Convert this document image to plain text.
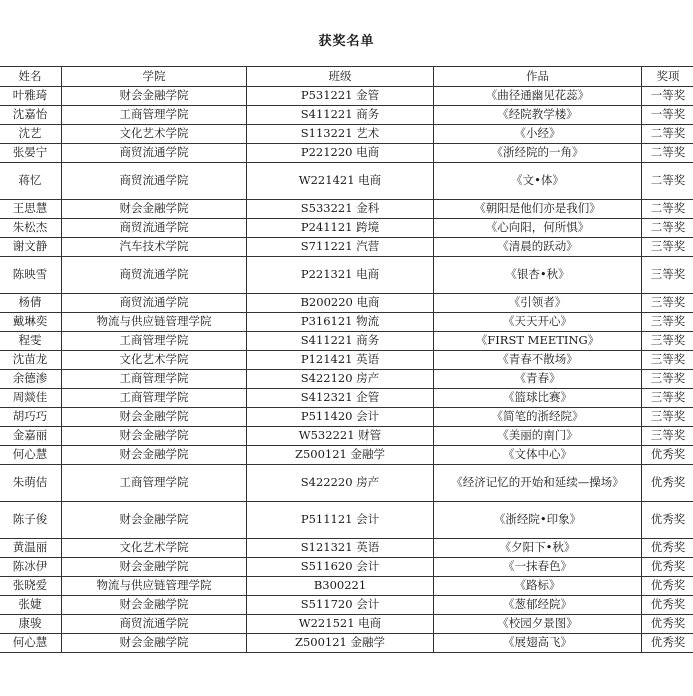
获奖名单
姓名	学院	班级	作品	奖项
叶雅琦	财会金融学院	P531221 金管	《曲径通幽见花蕊》	一等奖
沈嘉怡	工商管理学院	S411221 商务	《经院教学楼》	一等奖
沈艺	文化艺术学院	S113221 艺术	《小经》	二等奖
张晏宁	商贸流通学院	P221220 电商	《浙经院的一角》	二等奖
蒋忆	商贸流通学院	W221421 电商	《文•体》	二等奖
王思慧	财会金融学院	S533221 金科	《朝阳是他们亦是我们》	二等奖
朱松杰	商贸流通学院	P241121 跨境	《心向阳，何所惧》	二等奖
谢文静	汽车技术学院	S711221 汽营	《清晨的跃动》	三等奖
陈映雪	商贸流通学院	P221321 电商	《银杏•秋》	三等奖
杨倩	商贸流通学院	B200220 电商	《引领者》	三等奖
戴琳奕	物流与供应链管理学院	P316121 物流	《天天开心》	三等奖
程雯	工商管理学院	S411221 商务	《FIRST MEETING》	三等奖
沈苗龙	文化艺术学院	P121421 英语	《青春不散场》	三等奖
余德渗	工商管理学院	S422120 房产	《青春》	三等奖
周燚佳	工商管理学院	S412321 企管	《篮球比赛》	三等奖
胡巧巧	财会金融学院	P511420 会计	《简笔的浙经院》	三等奖
金嘉丽	财会金融学院	W532221 财管	《美丽的南门》	三等奖
何心慧	财会金融学院	Z500121 金融学	《文体中心》	优秀奖
朱萌佶	工商管理学院	S422220 房产	《经济记忆的开始和延续—操场》	优秀奖
陈子俊	财会金融学院	P511121 会计	《浙经院•印象》	优秀奖
黄温丽	文化艺术学院	S121321 英语	《夕阳下•秋》	优秀奖
陈冰伊	财会金融学院	S511620 会计	《一抹春色》	优秀奖
张晓爱	物流与供应链管理学院	B300221	《路标》	优秀奖
张婕	财会金融学院	S511720 会计	《葱郁经院》	优秀奖
康骏	商贸流通学院	W221521 电商	《校园夕景图》	优秀奖
何心慧	财会金融学院	Z500121 金融学	《展翅高飞》	优秀奖
